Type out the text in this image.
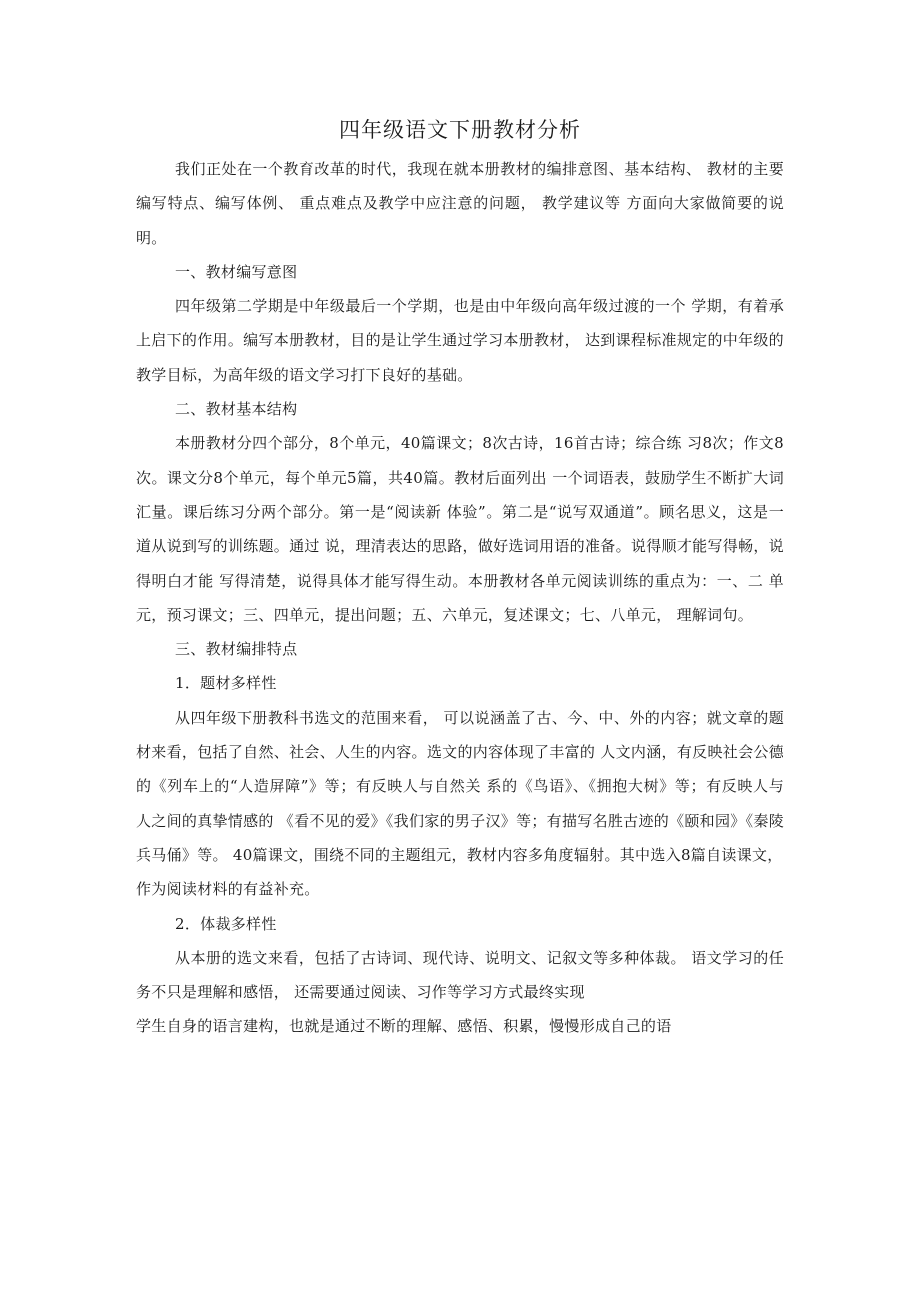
四年级语文下册教材分析

我们正处在一个教育改革的时代，我现在就本册教材的编排意图、基本结构、 教材的主要编写特点、编写体例、 重点难点及教学中应注意的问题， 教学建议等 方面向大家做简要的说明。

一、教材编写意图

四年级第二学期是中年级最后一个学期，也是由中年级向高年级过渡的一个 学期，有着承上启下的作用。编写本册教材，目的是让学生通过学习本册教材， 达到课程标准规定的中年级的教学目标，为高年级的语文学习打下良好的基础。

二、教材基本结构

本册教材分四个部分，8个单元，40篇课文；8次古诗，16首古诗；综合练 习8次；作文8次。课文分8个单元，每个单元5篇，共40篇。教材后面列出 一个词语表，鼓励学生不断扩大词汇量。课后练习分两个部分。第一是“阅读新 体验”。第二是“说写双通道”。顾名思义，这是一道从说到写的训练题。通过 说，理清表达的思路，做好选词用语的准备。说得顺才能写得畅，说得明白才能 写得清楚，说得具体才能写得生动。本册教材各单元阅读训练的重点为：一、二 单元，预习课文；三、四单元，提出问题；五、六单元，复述课文；七、八单元， 理解词句。

三、教材编排特点

1．题材多样性

从四年级下册教科书选文的范围来看， 可以说涵盖了古、今、中、外的内容；就文章的题材来看，包括了自然、社会、人生的内容。选文的内容体现了丰富的 人文内涵，有反映社会公德的《列车上的“人造屏障”》等；有反映人与自然关 系的《鸟语》、《拥抱大树》等；有反映人与人之间的真挚情感的 《看不见的爱》《我们家的男子汉》等；有描写名胜古迹的《颐和园》《秦陵兵马俑》等。 40篇课文，围绕不同的主题组元，教材内容多角度辐射。其中选入8篇自读课文，

作为阅读材料的有益补充。

2．体裁多样性

从本册的选文来看，包括了古诗词、现代诗、说明文、记叙文等多种体裁。 语文学习的任务不只是理解和感悟， 还需要通过阅读、习作等学习方式最终实现

学生自身的语言建构，也就是通过不断的理解、感悟、积累，慢慢形成自己的语
